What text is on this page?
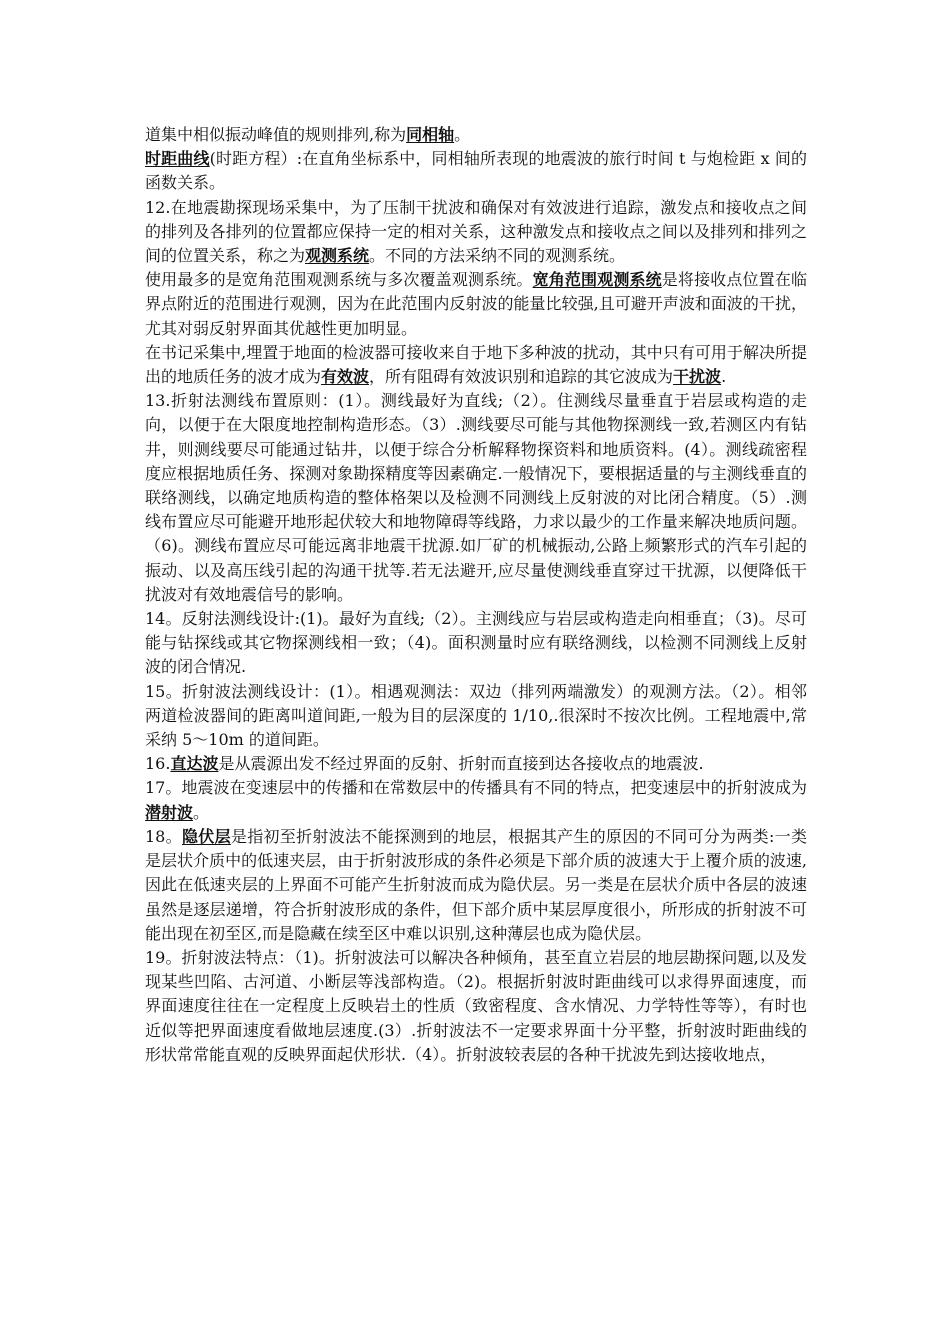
道集中相似振动峰值的规则排列,称为同相轴。

时距曲线(时距方程）:在直角坐标系中，同相轴所表现的地震波的旅行时间 t 与炮检距 x 间的函数关系。

12.在地震勘探现场采集中，为了压制干扰波和确保对有效波进行追踪，激发点和接收点之间的排列及各排列的位置都应保持一定的相对关系，这种激发点和接收点之间以及排列和排列之间的位置关系，称之为观测系统。不同的方法采纳不同的观测系统。

使用最多的是宽角范围观测系统与多次覆盖观测系统。宽角范围观测系统是将接收点位置在临界点附近的范围进行观测，因为在此范围内反射波的能量比较强,且可避开声波和面波的干扰，尤其对弱反射界面其优越性更加明显。

在书记采集中,埋置于地面的检波器可接收来自于地下多种波的扰动，其中只有可用于解决所提出的地质任务的波才成为有效波，所有阻碍有效波识别和追踪的其它波成为干扰波.

13.折射法测线布置原则：(1）。测线最好为直线;（2）。住测线尽量垂直于岩层或构造的走向，以便于在大限度地控制构造形态。（3）.测线要尽可能与其他物探测线一致,若测区内有钻井，则测线要尽可能通过钻井，以便于综合分析解释物探资料和地质资料。(4）。测线疏密程度应根据地质任务、探测对象勘探精度等因素确定.一般情况下，要根据适量的与主测线垂直的联络测线，以确定地质构造的整体格架以及检测不同测线上反射波的对比闭合精度。（5）.测线布置应尽可能避开地形起伏较大和地物障碍等线路，力求以最少的工作量来解决地质问题。（6)。测线布置应尽可能远离非地震干扰源.如厂矿的机械振动,公路上频繁形式的汽车引起的振动、以及高压线引起的沟通干扰等.若无法避开,应尽量使测线垂直穿过干扰源，以便降低干扰波对有效地震信号的影响。

14。反射法测线设计:(1)。最好为直线;（2）。主测线应与岩层或构造走向相垂直；（3)。尽可能与钻探线或其它物探测线相一致；（4)。面积测量时应有联络测线，以检测不同测线上反射波的闭合情况.

15。折射波法测线设计：(1）。相遇观测法：双边（排列两端激发）的观测方法。（2）。相邻两道检波器间的距离叫道间距,一般为目的层深度的 1/10,.很深时不按次比例。工程地震中,常采纳 5～10m 的道间距。

16.直达波是从震源出发不经过界面的反射、折射而直接到达各接收点的地震波.

17。地震波在变速层中的传播和在常数层中的传播具有不同的特点，把变速层中的折射波成为潜射波。

18。隐伏层是指初至折射波法不能探测到的地层，根据其产生的原因的不同可分为两类:一类是层状介质中的低速夹层，由于折射波形成的条件必须是下部介质的波速大于上覆介质的波速,因此在低速夹层的上界面不可能产生折射波而成为隐伏层。另一类是在层状介质中各层的波速虽然是逐层递增，符合折射波形成的条件，但下部介质中某层厚度很小，所形成的折射波不可能出现在初至区,而是隐藏在续至区中难以识别,这种薄层也成为隐伏层。

19。折射波法特点：（1)。折射波法可以解决各种倾角，甚至直立岩层的地层勘探问题,以及发现某些凹陷、古河道、小断层等浅部构造。（2)。根据折射波时距曲线可以求得界面速度，而界面速度往往在一定程度上反映岩土的性质（致密程度、含水情况、力学特性等等），有时也近似等把界面速度看做地层速度.(3）.折射波法不一定要求界面十分平整，折射波时距曲线的形状常常能直观的反映界面起伏形状.（4）。折射波较表层的各种干扰波先到达接收地点，
